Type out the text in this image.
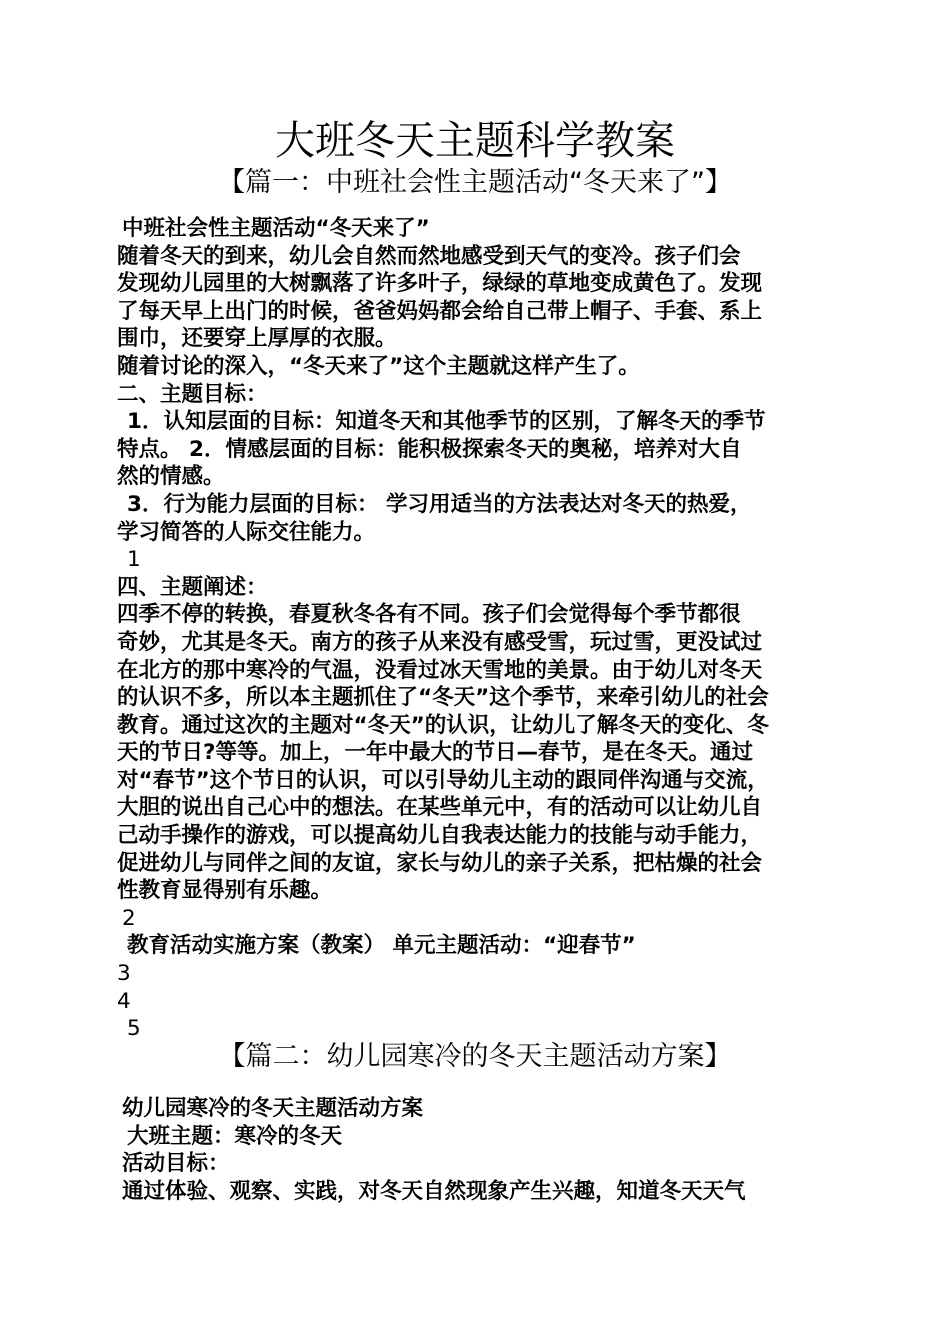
大班冬天主题科学教案
【篇一：中班社会性主题活动“冬天来了”】
中班社会性主题活动“冬天来了”
随着冬天的到来，幼儿会自然而然地感受到天气的变冷。孩子们会
发现幼儿园里的大树飘落了许多叶子，绿绿的草地变成黄色了。发现
了每天早上出门的时候，爸爸妈妈都会给自己带上帽子、手套、系上
围巾，还要穿上厚厚的衣服。
随着讨论的深入，“冬天来了”这个主题就这样产生了。
二、主题目标：
1．认知层面的目标：知道冬天和其他季节的区别，了解冬天的季节
特点。 2．情感层面的目标：能积极探索冬天的奥秘，培养对大自
然的情感。
3．行为能力层面的目标： 学习用适当的方法表达对冬天的热爱，
学习简答的人际交往能力。
1
四、主题阐述：
四季不停的转换，春夏秋冬各有不同。孩子们会觉得每个季节都很
奇妙，尤其是冬天。南方的孩子从来没有感受雪，玩过雪，更没试过
在北方的那中寒冷的气温，没看过冰天雪地的美景。由于幼儿对冬天
的认识不多，所以本主题抓住了“冬天”这个季节，来牵引幼儿的社会
教育。通过这次的主题对“冬天”的认识，让幼儿了解冬天的变化、冬
天的节日?等等。加上，一年中最大的节日—春节，是在冬天。通过
对“春节”这个节日的认识，可以引导幼儿主动的跟同伴沟通与交流，
大胆的说出自己心中的想法。在某些单元中，有的活动可以让幼儿自
己动手操作的游戏，可以提高幼儿自我表达能力的技能与动手能力，
促进幼儿与同伴之间的友谊，家长与幼儿的亲子关系，把枯燥的社会
性教育显得别有乐趣。
2
教育活动实施方案（教案） 单元主题活动：“迎春节”
3
4
5
【篇二：幼儿园寒冷的冬天主题活动方案】
幼儿园寒冷的冬天主题活动方案
大班主题：寒冷的冬天
活动目标：
通过体验、观察、实践，对冬天自然现象产生兴趣，知道冬天天气
